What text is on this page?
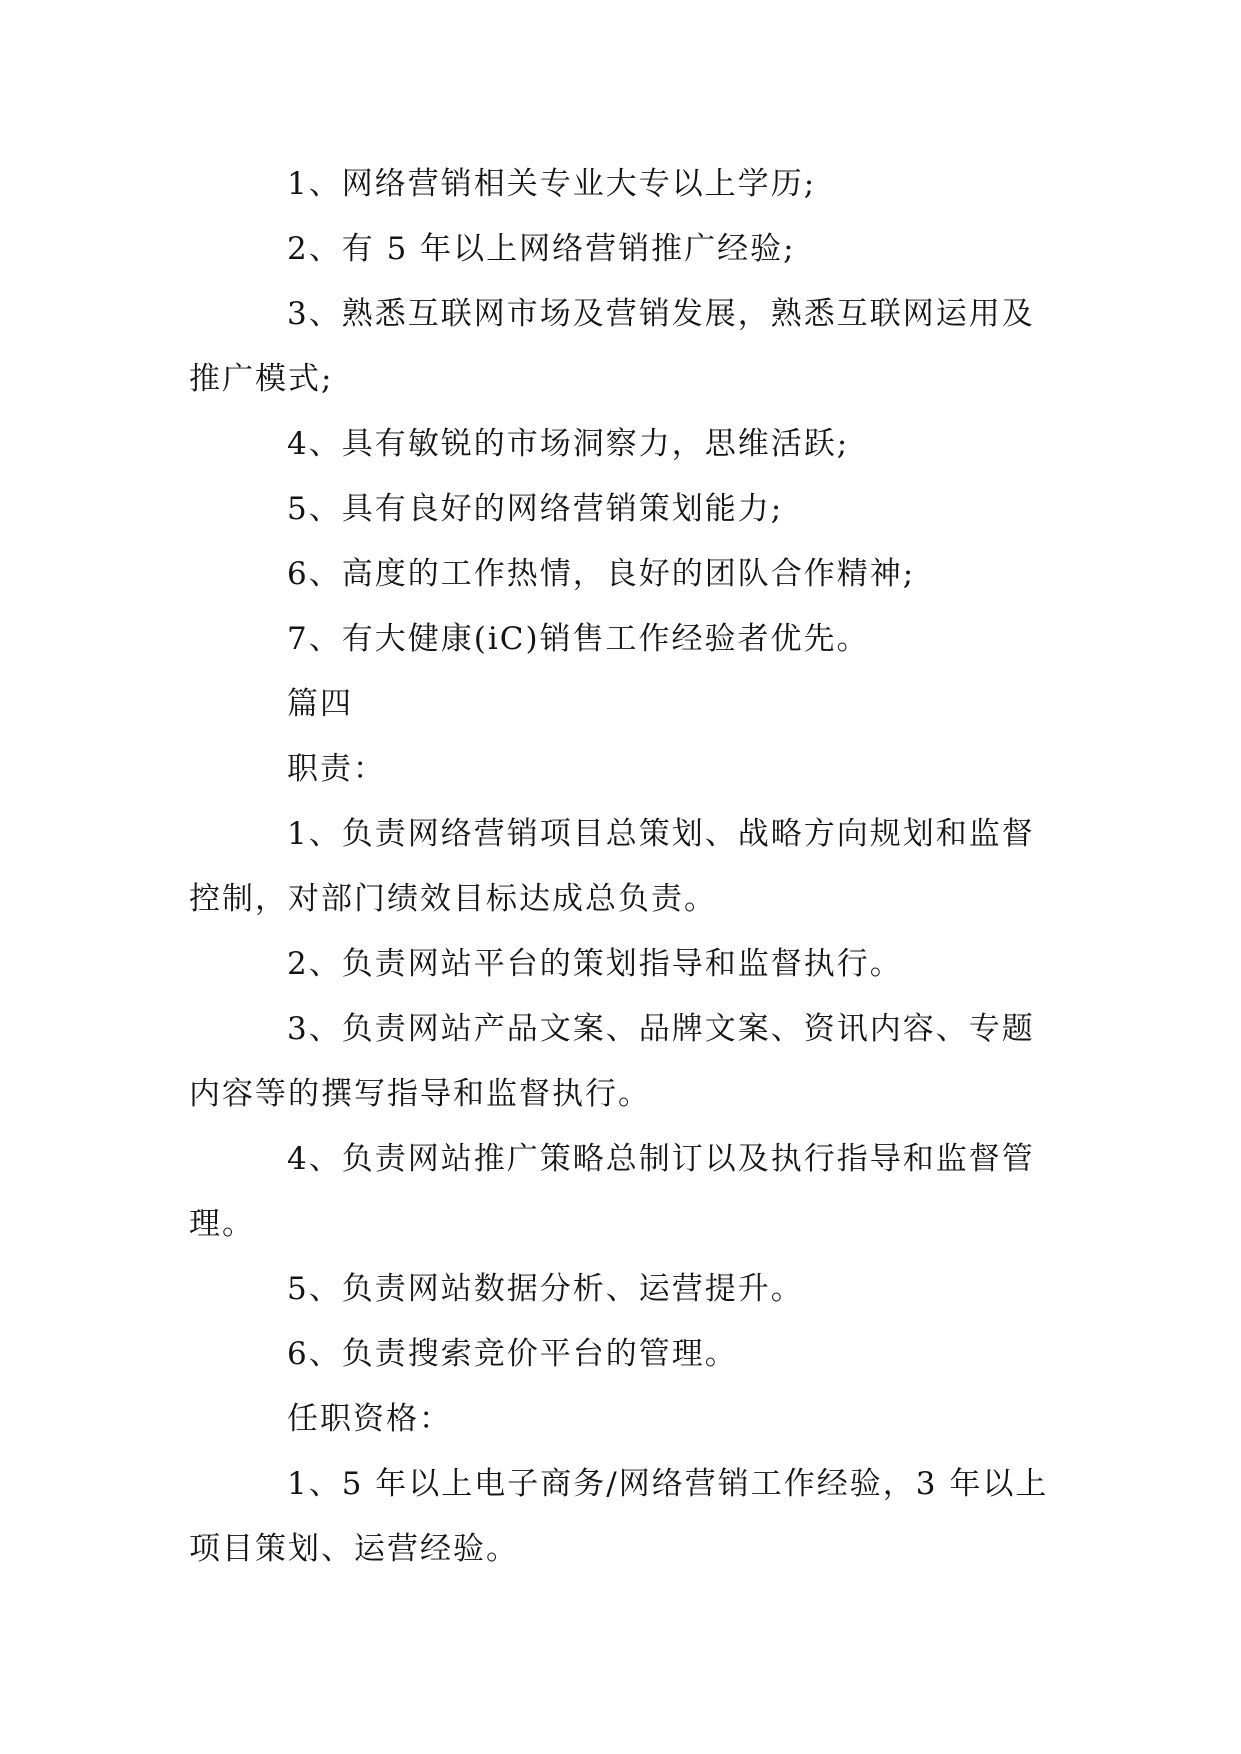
1、网络营销相关专业大专以上学历;

2、有 5 年以上网络营销推广经验;

3、熟悉互联网市场及营销发展，熟悉互联网运用及推广模式;

4、具有敏锐的市场洞察力，思维活跃;

5、具有良好的网络营销策划能力;

6、高度的工作热情，良好的团队合作精神;

7、有大健康(iC)销售工作经验者优先。

篇四

职责：

1、负责网络营销项目总策划、战略方向规划和监督控制，对部门绩效目标达成总负责。

2、负责网站平台的策划指导和监督执行。

3、负责网站产品文案、品牌文案、资讯内容、专题内容等的撰写指导和监督执行。

4、负责网站推广策略总制订以及执行指导和监督管理。

5、负责网站数据分析、运营提升。

6、负责搜索竞价平台的管理。

任职资格：

1、5 年以上电子商务/网络营销工作经验，3 年以上项目策划、运营经验。
